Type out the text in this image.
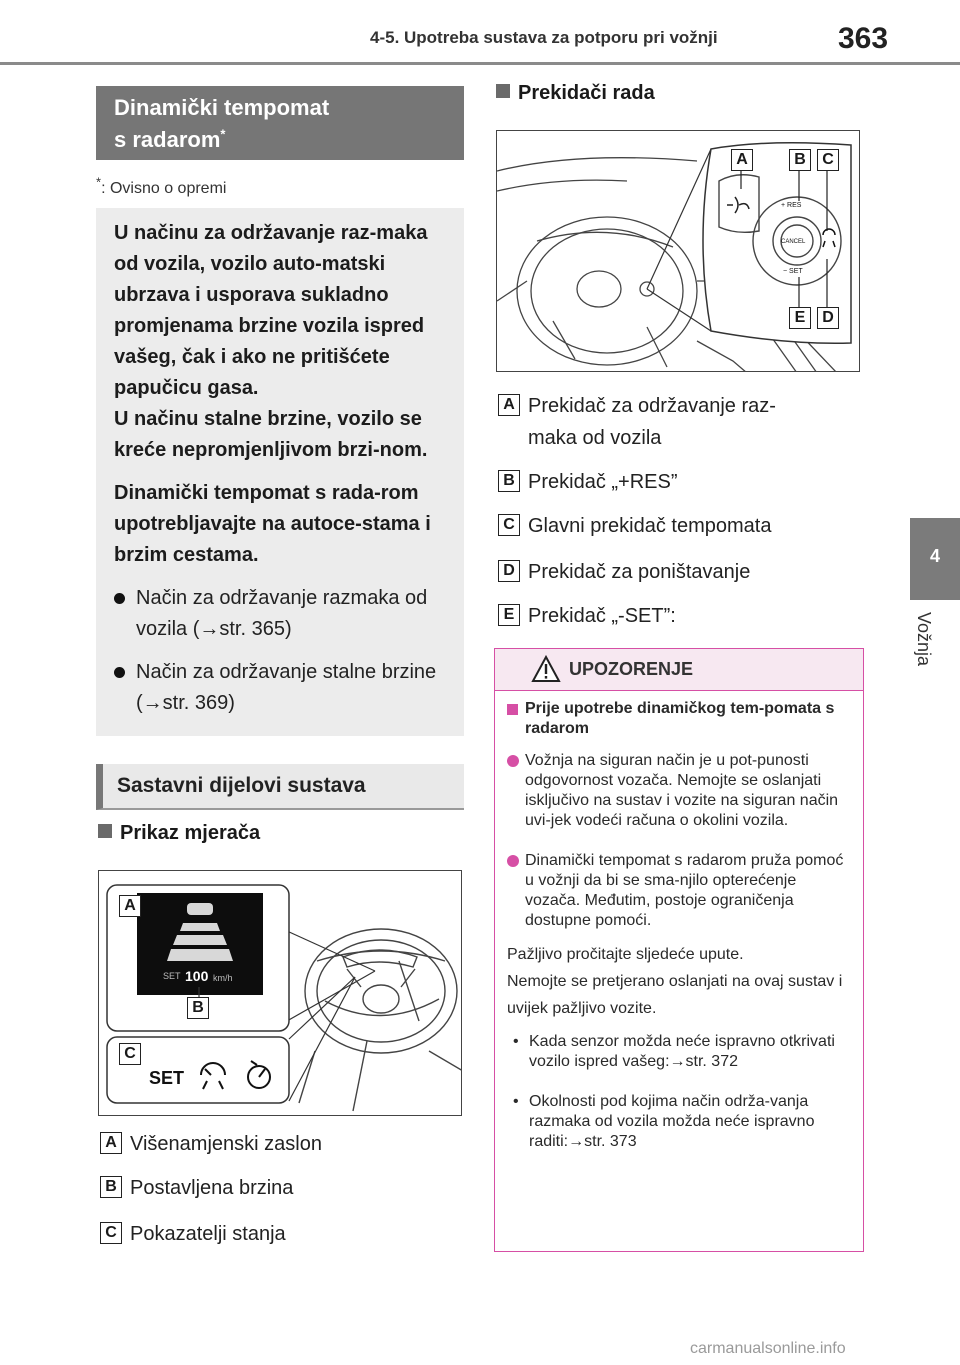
4-5. Upotreba sustava za potporu pri vožnji	363
4
Vožnja
Dinamički tempomat
s radarom*
*: Ovisno o opremi

U načinu za održavanje raz-maka od vozila, vozilo auto-matski ubrzava i usporava sukladno promjenama brzine vozila ispred vašeg, čak i ako ne pritišćete papučicu gasa.

U načinu stalne brzine, vozilo se kreće nepromjenljivom brzi-nom.

Dinamički tempomat s rada-rom upotrebljavajte na autoce-stama i brzim cestama.

Način za održavanje razmaka od vozila (→str. 365)
Način za održavanje stalne brzine (→str. 369)
Sastavni dijelovi sustava
Prikaz mjerača
SET 100 km/h
SET
A
B
C
A Višenamjenski zaslon
B Postavljena brzina
C Pokazatelji stanja
Prekidači rada
+ RES
CANCEL
− SET
A	B	C
D
E
A Prekidač za održavanje raz-
maka od vozila
B Prekidač „+RES”
C Glavni prekidač tempomata
D Prekidač za poništavanje
E Prekidač „-SET”:
UPOZORENJE
Prije upotrebe dinamičkog tem-pomata s radarom
Vožnja na siguran način je u pot-punosti odgovornost vozača. Nemojte se oslanjati isključivo na sustav i vozite na siguran način uvi-jek vodeći računa o okolini vozila.
Dinamički tempomat s radarom pruža pomoć u vožnji da bi se sma-njilo opterećenje vozača. Međutim, postoje ograničenja dostupne pomoći.
Pažljivo pročitajte sljedeće upute.
Nemojte se pretjerano oslanjati na ovaj sustav i uvijek pažljivo vozite.
• Kada senzor možda neće ispravno otkrivati vozilo ispred vašeg:→str. 372
• Okolnosti pod kojima način održa-vanja razmaka od vozila možda neće ispravno raditi:→str. 373
carmanualsonline.info
